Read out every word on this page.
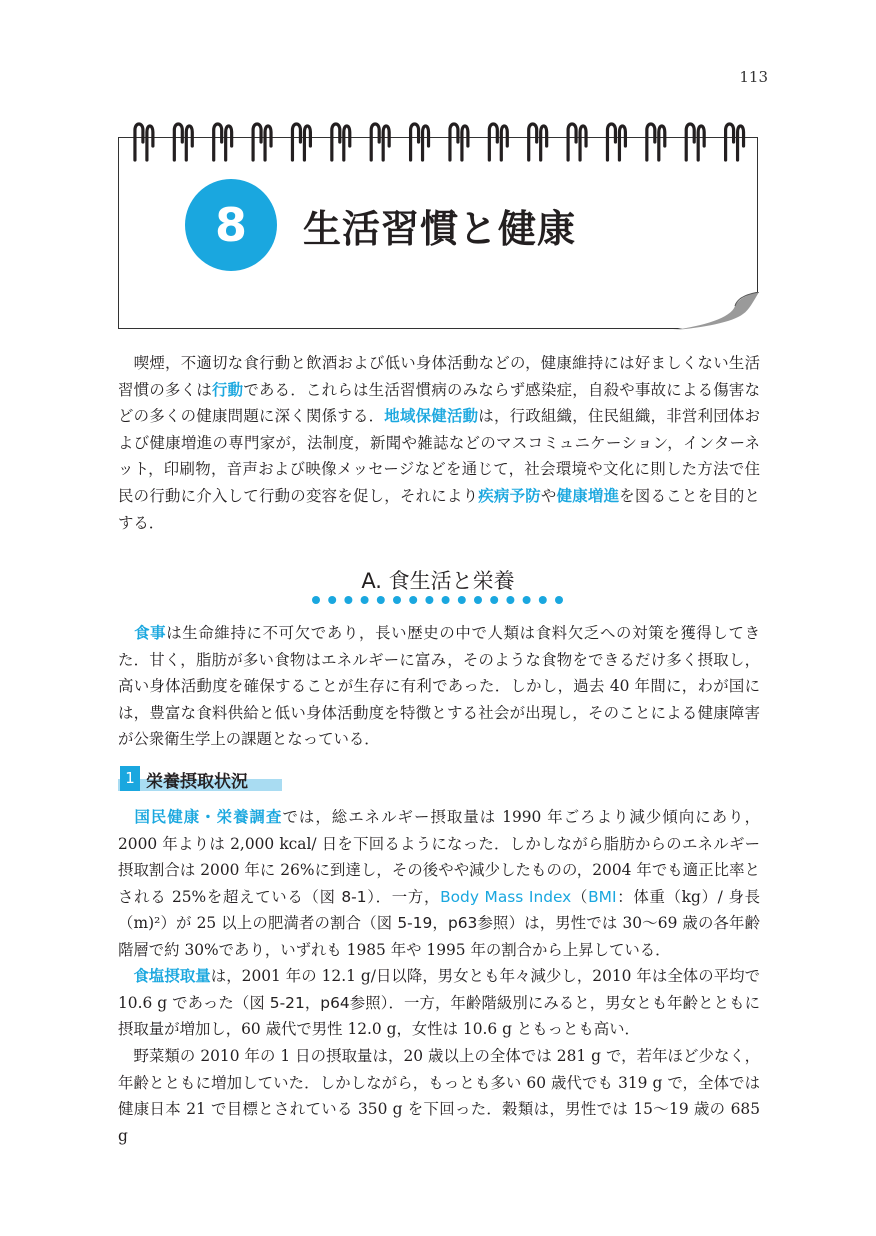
113
8	生活習慣と健康

　喫煙，不適切な食行動と飲酒および低い身体活動などの，健康維持には好ましくない生活習慣の多くは行動である．これらは生活習慣病のみならず感染症，自殺や事故による傷害などの多くの健康問題に深く関係する．地域保健活動は，行政組織，住民組織，非営利団体および健康増進の専門家が，法制度，新聞や雑誌などのマスコミュニケーション，インターネット，印刷物，音声および映像メッセージなどを通じて，社会環境や文化に則した方法で住民の行動に介入して行動の変容を促し，それにより疾病予防や健康増進を図ることを目的とする．

A. 食生活と栄養

　食事は生命維持に不可欠であり，長い歴史の中で人類は食料欠乏への対策を獲得してきた．甘く，脂肪が多い食物はエネルギーに富み，そのような食物をできるだけ多く摂取し，高い身体活動度を確保することが生存に有利であった．しかし，過去 40 年間に，わが国には，豊富な食料供給と低い身体活動度を特徴とする社会が出現し，そのことによる健康障害が公衆衛生学上の課題となっている．

1 栄養摂取状況

　国民健康・栄養調査では，総エネルギー摂取量は 1990 年ごろより減少傾向にあり，2000 年よりは 2,000 kcal/ 日を下回るようになった．しかしながら脂肪からのエネルギー摂取割合は 2000 年に 26%に到達し，その後やや減少したものの，2004 年でも適正比率とされる 25%を超えている（図 8-1）．一方，Body Mass Index（BMI：体重（kg）/ 身長（m)²）が 25 以上の肥満者の割合（図 5-19，p63参照）は，男性では 30～69 歳の各年齢階層で約 30%であり，いずれも 1985 年や 1995 年の割合から上昇している．

　食塩摂取量は，2001 年の 12.1 g/日以降，男女とも年々減少し，2010 年は全体の平均で 10.6 g であった（図 5-21，p64参照）．一方，年齢階級別にみると，男女とも年齢とともに摂取量が増加し，60 歳代で男性 12.0 g，女性は 10.6 g ともっとも高い．

　野菜類の 2010 年の 1 日の摂取量は，20 歳以上の全体では 281 g で，若年ほど少なく，年齢とともに増加していた．しかしながら，もっとも多い 60 歳代でも 319 g で，全体では健康日本 21 で目標とされている 350 g を下回った．穀類は，男性では 15～19 歳の 685 g
